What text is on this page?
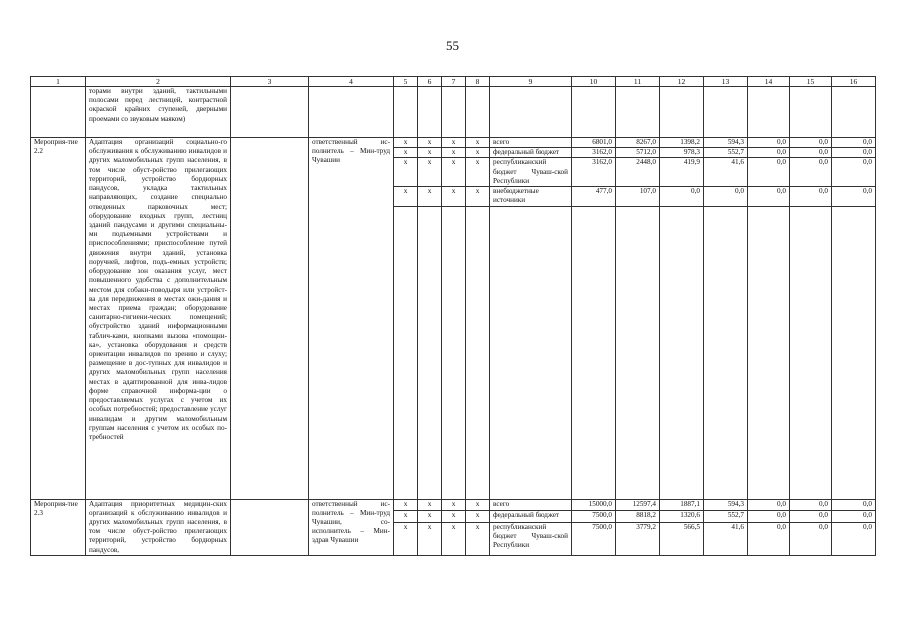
55
1	2	3	4	5	6	7	8	9	10	11	12	13	14	15	16
	торами внутри зданий, тактильными полосами перед лестницей, контрастной окраской крайних ступеней, дверными проемами со звуковым маяком)														
Мероприя-тие 2.2	Адаптация организаций социально-го обслуживания к обслуживанию инвалидов и других маломобильных групп населения, в том числе обуст-ройство прилегающих территорий, устройство бордюрных пандусов, укладка тактильных направляющих, создание специально отведенных парковочных мест; оборудование входных групп, лестниц зданий пандусами и другими специальны-ми подъемными устройствами и приспособлениями; приспособление путей движения внутри зданий, установка поручней, лифтов, подъ-емных устройств; оборудование зон оказания услуг, мест повышенного удобства с дополнительным местом для собаки-поводыря или устройст-ва для передвижения в местах ожи-дания и местах приема граждан; оборудование санитарно-гигиени-ческих помещений; обустройство зданий информационными таблич-ками, кнопками вызова «помощни-ка», установка оборудования и средств ориентации инвалидов по зрению и слуху; размещение в дос-тупных для инвалидов и других маломобильных групп населения местах в адаптированной для инва-лидов форме справочной информа-ции о предоставляемых услугах с учетом их особых потребностей; предоставление услуг инвалидам и другим маломобильным группам населения с учетом их особых по-требностей		ответственный ис-полнитель – Мин-труд Чувашии	x	x	x	x	всего	6801,0	8267,0	1398,2	594,3	0,0	0,0	0,0
				x	x	x	x	федеральный бюджет	3162,0	5712,0	978,3	552,7	0,0	0,0	0,0
				x	x	x	x	республиканский бюджет Чуваш-ской Республики	3162,0	2448,0	419,9	41,6	0,0	0,0	0,0
				x	x	x	x	внебюджетные источники	477,0	107,0	0,0	0,0	0,0	0,0	0,0

Мероприя-тие 2.3	Адаптация приоритетных медицин-ских организаций к обслуживанию инвалидов и других маломобильных групп населения, в том числе обуст-ройство прилегающих территорий, устройство бордюрных пандусов,		ответственный ис-полнитель – Мин-труд Чувашии, со-исполнитель – Мин-здрав Чувашии	x	x	x	x	всего	15000,0	12597,4	1887,1	594,3	0,0	0,0	0,0
				x	x	x	x	федеральный бюджет	7500,0	8818,2	1320,6	552,7	0,0	0,0	0,0
				x	x	x	x	республиканский бюджет Чуваш-ской Республики	7500,0	3779,2	566,5	41,6	0,0	0,0	0,0
